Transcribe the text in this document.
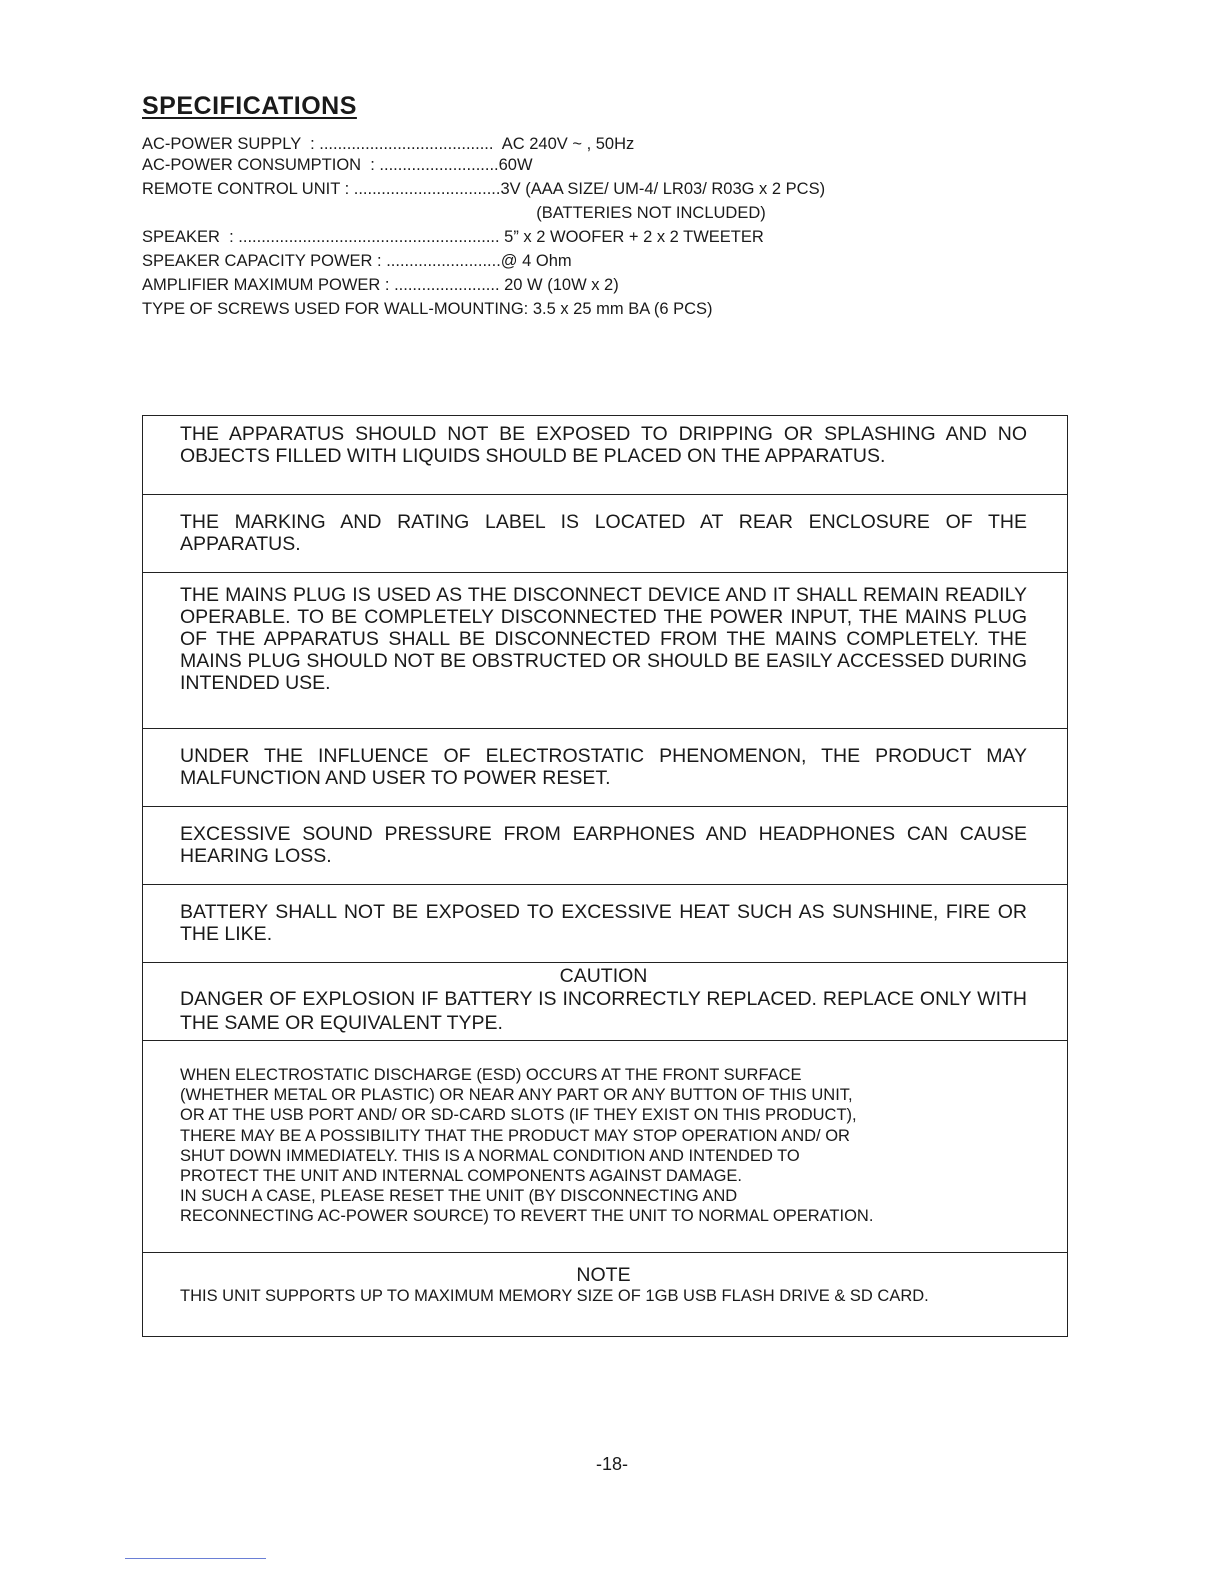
SPECIFICATIONS
AC-POWER SUPPLY  : ......................................  AC 240V ~ , 50Hz
AC-POWER CONSUMPTION  : ..........................60W
REMOTE CONTROL UNIT : ................................3V (AAA SIZE/ UM-4/ LR03/ R03G x 2 PCS)
(BATTERIES NOT INCLUDED)
SPEAKER  : ......................................................... 5” x 2 WOOFER + 2 x 2 TWEETER
SPEAKER CAPACITY POWER : .........................@ 4 Ohm
AMPLIFIER MAXIMUM POWER : ....................... 20 W (10W x 2)
TYPE OF SCREWS USED FOR WALL-MOUNTING: 3.5 x 25 mm BA (6 PCS)
THE APPARATUS SHOULD NOT BE EXPOSED TO DRIPPING OR SPLASHING AND NO OBJECTS FILLED WITH LIQUIDS SHOULD BE PLACED ON THE APPARATUS.
THE MARKING AND RATING LABEL IS LOCATED AT REAR ENCLOSURE OF THE APPARATUS.
THE MAINS PLUG IS USED AS THE DISCONNECT DEVICE AND IT SHALL REMAIN READILY OPERABLE. TO BE COMPLETELY DISCONNECTED THE POWER INPUT, THE MAINS PLUG OF THE APPARATUS SHALL BE DISCONNECTED FROM THE MAINS COMPLETELY. THE MAINS PLUG SHOULD NOT BE OBSTRUCTED OR SHOULD BE EASILY ACCESSED DURING INTENDED USE.
UNDER THE INFLUENCE OF ELECTROSTATIC PHENOMENON, THE PRODUCT MAY MALFUNCTION AND USER TO POWER RESET.
EXCESSIVE SOUND PRESSURE FROM EARPHONES AND HEADPHONES CAN CAUSE HEARING LOSS.
BATTERY SHALL NOT BE EXPOSED TO EXCESSIVE HEAT SUCH AS SUNSHINE, FIRE OR THE LIKE.
CAUTION
DANGER OF EXPLOSION IF BATTERY IS INCORRECTLY REPLACED. REPLACE ONLY WITH THE SAME OR EQUIVALENT TYPE.
WHEN ELECTROSTATIC DISCHARGE (ESD) OCCURS AT THE FRONT SURFACE
(WHETHER METAL OR PLASTIC) OR NEAR ANY PART OR ANY BUTTON OF THIS UNIT,
OR AT THE USB PORT AND/ OR SD-CARD SLOTS (IF THEY EXIST ON THIS PRODUCT),
THERE MAY BE A POSSIBILITY THAT THE PRODUCT MAY STOP OPERATION AND/ OR
SHUT DOWN IMMEDIATELY. THIS IS A NORMAL CONDITION AND INTENDED TO
PROTECT THE UNIT AND INTERNAL COMPONENTS AGAINST DAMAGE.
IN SUCH A CASE, PLEASE RESET THE UNIT (BY DISCONNECTING AND
RECONNECTING AC-POWER SOURCE) TO REVERT THE UNIT TO NORMAL OPERATION.
NOTE
THIS UNIT SUPPORTS UP TO MAXIMUM MEMORY SIZE OF 1GB USB FLASH DRIVE & SD CARD.
-18-
